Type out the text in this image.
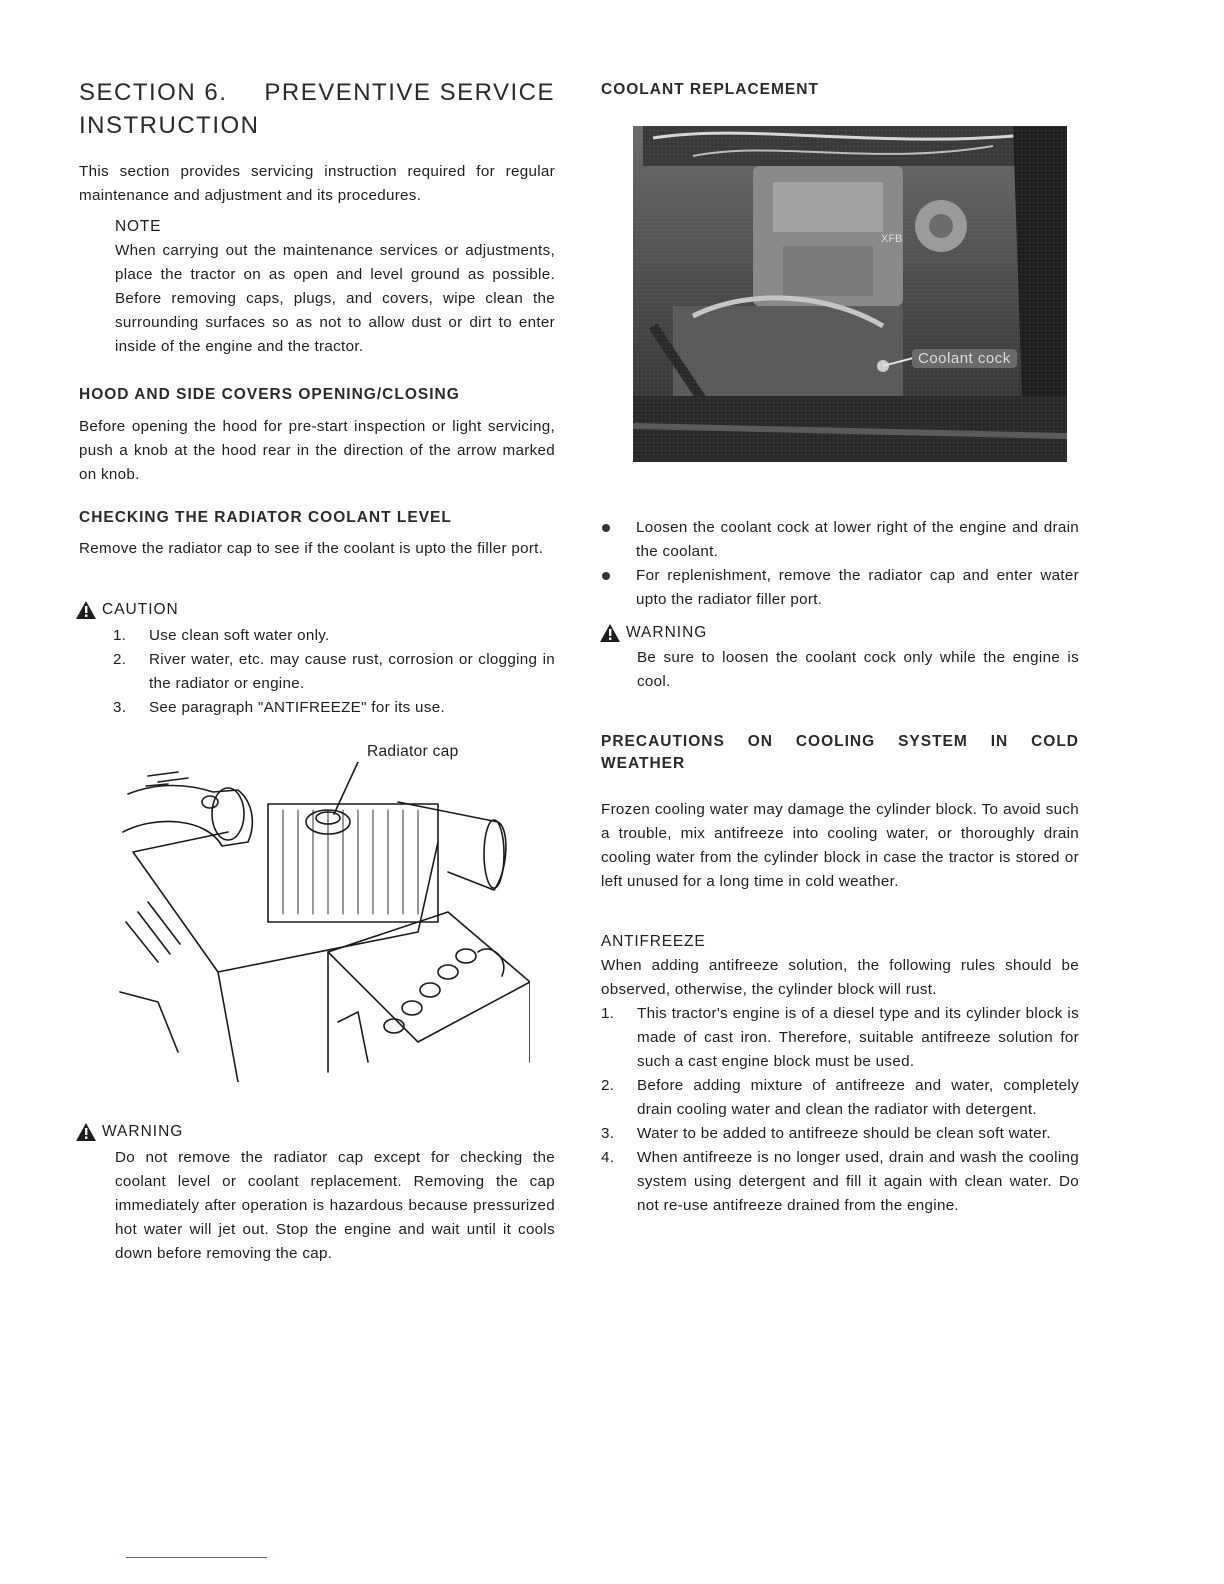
SECTION 6. PREVENTIVE SERVICE
INSTRUCTION

This section provides servicing instruction required for regular maintenance and adjustment and its procedures.

NOTE

When carrying out the maintenance services or adjustments, place the tractor on as open and level ground as possible. Before removing caps, plugs, and covers, wipe clean the surrounding surfaces so as not to allow dust or dirt to enter inside of the engine and the tractor.

HOOD AND SIDE COVERS OPENING/CLOSING

Before opening the hood for pre-start inspection or light servicing, push a knob at the hood rear in the direction of the arrow marked on knob.

CHECKING THE RADIATOR COOLANT LEVEL

Remove the radiator cap to see if the coolant is upto the filler port.

CAUTION
1.	Use clean soft water only.
2.	River water, etc. may cause rust, corrosion or clogging in the radiator or engine.
3.	See paragraph "ANTIFREEZE" for its use.
WARNING

Do not remove the radiator cap except for checking the coolant level or coolant replacement. Removing the cap immediately after operation is hazardous because pressurized hot water will jet out. Stop the engine and wait until it cools down before removing the cap.

Radiator cap
COOLANT REPLACEMENT
Loosen the coolant cock at lower right of the engine and drain the coolant.
For replenishment, remove the radiator cap and enter water upto the radiator filler port.
WARNING

Be sure to loosen the coolant cock only while the engine is cool.

PRECAUTIONS ON COOLING SYSTEM IN COLD WEATHER

Frozen cooling water may damage the cylinder block. To avoid such a trouble, mix antifreeze into cooling water, or thoroughly drain cooling water from the cylinder block in case the tractor is stored or left unused for a long time in cold weather.

ANTIFREEZE

When adding antifreeze solution, the following rules should be observed, otherwise, the cylinder block will rust.

1.	This tractor's engine is of a diesel type and its cylinder block is made of cast iron. Therefore, suitable antifreeze solution for such a cast engine block must be used.
2.	Before adding mixture of antifreeze and water, completely drain cooling water and clean the radiator with detergent.
3.	Water to be added to antifreeze should be clean soft water.
4.	When antifreeze is no longer used, drain and wash the cooling system using detergent and fill it again with clean water. Do not re-use antifreeze drained from the engine.
Coolant cock
